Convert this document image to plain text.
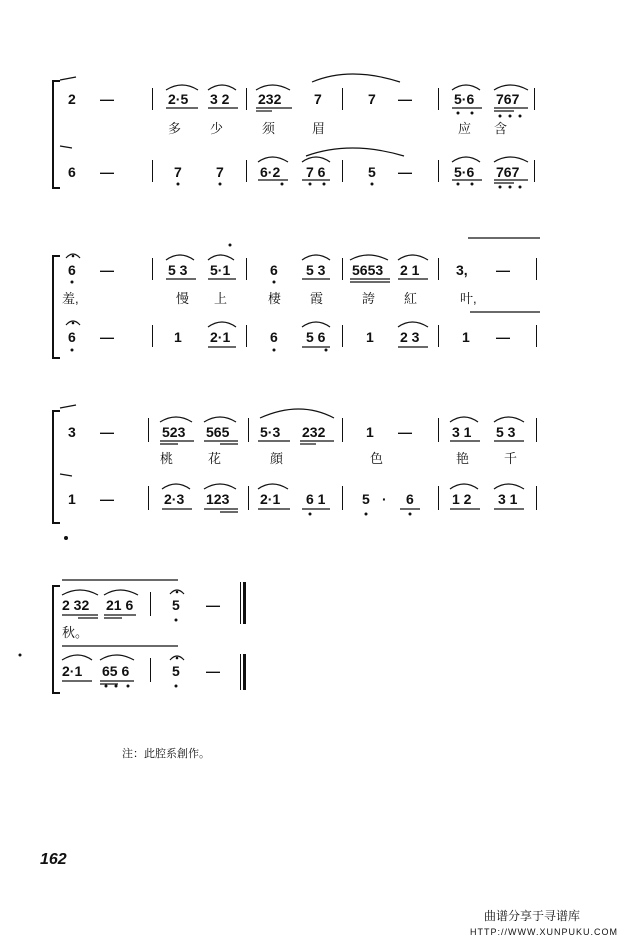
2 —	2·5 3 2 232 7	7 —	5·6 767
多 少	须	眉	应 含
6 —	7 7	6·2 7 6	5 —	5·6 767
6 —	5 3 5·1	6 5 3 5653 2 1	3, —
羞,	慢 上	棲 霞	誇 紅	叶,
6 —	1 2·1	6 5 6	1 2 3	1 —
3 —	523 565 5·3 232	1 —	3 1 5 3
桃	花	顔	色	艳	千
1 —	2·3 123 2·1 6 1	5 · 6	1 2 3 1
2 32 21 6	5 —
秋。
2·1 65 6	5 —
注：此腔系創作。
162
曲谱分享于寻谱库
HTTP://WWW.XUNPUKU.COM
